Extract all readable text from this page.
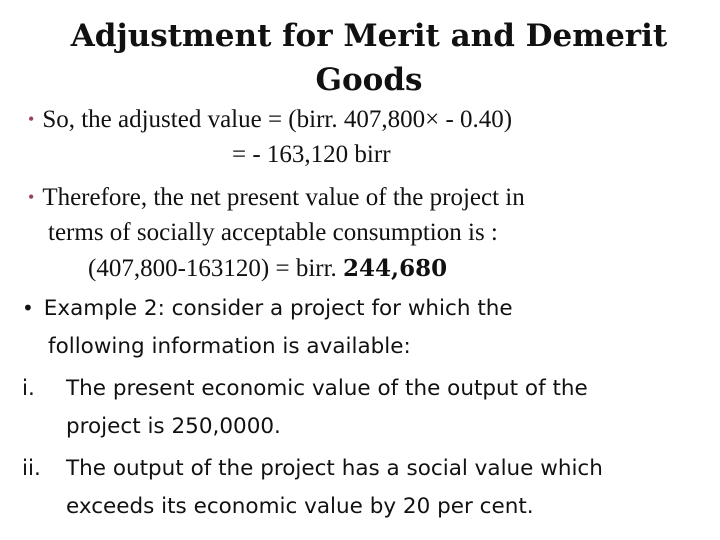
Adjustment for Merit and Demerit
Goods
• So, the adjusted value = (birr. 407,800× - 0.40)
= - 163,120 birr
• Therefore, the net present value of the project in
terms of socially acceptable consumption is :
(407,800-163120) = birr. 244,680
• Example 2: consider a project for which the
following information is available:
i. The present economic value of the output of the
project is 250,0000.
ii. The output of the project has a social value which
exceeds its economic value by 20 per cent.
